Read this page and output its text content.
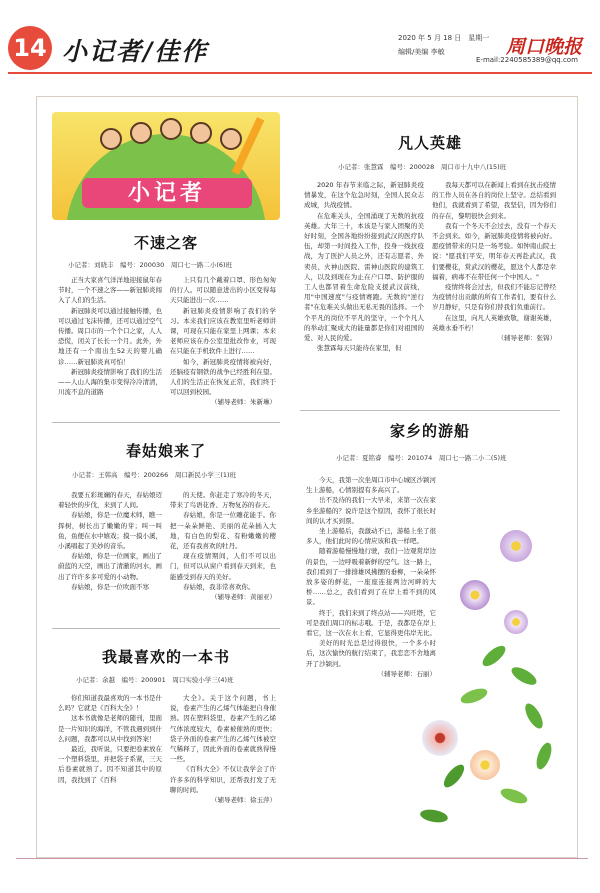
14 小记者/佳作	2020 年 5 月 18 日　星期一
编辑/美编 李敏	周口晚报
E-mail:2240585389@qq.com
小记者
不速之客
小记者：刘晓丰　编号：200030　周口七一路二小(6)班

正当大家喜气洋洋地迎接鼠年春节时，一个不速之客——新冠肺炎闯入了人们的生活。

新冠肺炎可以通过接触传播，也可以通过飞沫传播，还可以通过空气传播。周口市的一个个口之家，人人恐慌，闭关了长长一个月。此外，外地还有一个南出生52天的婴儿确诊……新冠肺炎真可怕！

新冠肺炎疫情影响了我们的生活——人山人海的集市变得冷冷清清，川流不息的道路

上只有几个戴着口罩、形色匆匆的行人。可以随意进出的小区变得每天只能进出一次……

新冠肺炎疫情影响了我们的学习。本来我们应该在教室里听老师讲课，可现在只能在家里上网课；本来老师应该在办公室里批改作业，可现在只能在手机软件上进行……

如今，新冠肺炎疫情将被向好，还脑疫有钢铁的战争已经胜利在望。人们的生活正在恢复正常，我们终于可以回到校园。

（辅导老师：朱新琳）

春姑娘来了
小记者：王韩高　编号：200266　周口新民小学三(1)班

我要五彩斑斓的春天，春姑娘迈着轻快的步伐，来到了人间。

春姑娘，你是一位魔术师，瞧一挥树，树长出了嫩嫩的芽；叫一叫鱼，鱼便在水中嬉戏；摸一摸小溪，小溪唱起了美妙的音乐。

春姑娘，你是一位画家，画出了蔚蓝的天空，画出了清澈的河水，画出了许许多多可爱的小动物。

春姑娘，你是一位吹面不寒

的天使。你赶走了寒冷的冬天，带来了鸟语花香、万物复苏的春天。

春姑娘，你是一位雕花能手。你把一朵朵鲜艳、美丽的花朵插入大地，有白色的梨花、有粉嫩嫩的樱花，还有我喜欢的牡丹。

现在疫情期间，人们不可以出门，但可以从窗户看到春天到来，也能感受到春天的美好。

春姑娘，我非常喜欢你。

（辅导老师：黄丽亚）

我最喜欢的一本书
小记者：余越　编号：200901　周口实验小学三(4)班

你们知道我最喜欢的一本书是什么吗？它就是《百科大全》！

这本书就像是老师的随刊，里面是一片知识的海洋，不管我遇到到什么问题，我都可以从中找到答案！

最近，我听说，只要把卷素放在一个塑料袋里，并把袋子系紧，三天后卷素就熟了。因不知道其中的原因，我找到了《百科

大全》。关于这个问题，书上说，卷素产生的乙烯气体能把自身催熟。因在塑料袋里，卷素产生的乙烯气体浓度较大，卷素被催熟的更快；袋子外面的卷素产生的乙烯气体被空气稀释了，因此外面的卷素就熟得慢一些。

《百科大全》不仅让我学会了许许多多的科学知识，还帮我打发了无聊的时间。

（辅导老师：徐玉萍）

凡人英雄
小记者：张慧霖　编号：200028　周口市十九中八(15)班

2020 年春节来临之际，新冠肺炎疫情暴发，在这个危急时刻，全国人民众志成城，共战疫情。

在危难关头，全国涌现了无数的抗疫英雄。大年三十，本该是与家人团聚的美好时刻，全国各地纷纷接到武汉的医疗队伍，却第一时间投入工作，投身一线抗疫战，为了医护人员之外，还有志愿者、外卖员、火神山医院、雷神山医院的建筑工人，以及到现在为止在户口罩、防护服的工人也都冒着生命危险支援武汉前线，用"中国速度"与疫情赛跑。无数的"逆行者"在危难关头做出无私无畏的选择。一个个平凡的岗位不平凡的坚守，一个个凡人的举动汇聚成大的能量都是你们对祖国的爱、对人民的爱。

张慧霖每天只能待在家里，但

我每天都可以在新闻上看到在抗击疫情的工作人员在各自的岗位上坚守。总结看到他们，我就看到了希望，我坚信，因为你们的存在，黎明很快会到来。

我有一个冬天不会过去，没有一个春天不会到来。如今，新冠肺炎疫情将被向好。愿疫情带来的只是一场考验。如钟南山院士说："愿我们平安，明年春天再赴武汉，我们要樱花，赏武汉的樱花，愿这个人都是幸福着，病毒不在带任何一个中国人。"

疫情终将会过去，但我们不能忘记曾经为疫情付出贡献的所有工作者们，要有什么岁月静好，只是有你们替我们负重前行。

在这里，向凡人英雄致敬，谢谢英雄，英雄永垂不朽！

（辅导老师：张锦）

家乡的游船
小记者：夏铭睿　编号：201074　周口七一路二小二(5)班

今天，我第一次坐周口市中心城区沙颍河生上游船，心情别提有多高兴了。

岳不及待的我们一大早来，来第一次在家乡坐游船的？说许是这个原因，我怀了很长时间的认才买到票。

坐上游船后，我激动不已，游船上坐了很多人，他们此时的心情应该和我一样吧。

随着游船慢慢地行驶，我们一边观赏岸边的景色，一边呼吸着新鲜的空气。这一路上，我们看到了一排排雄风拂摆的垂柳，一朵朵怀放多姿的鲜花，一座座连接两边河畔的大桥……总之，我们看到了在岸上看不到的风景。

终于，我们来到了终点站——兴旺塔，它可是我们周口的标志哦。于是，我都是在岸上看它，这一次在水上看，它显得更伟岸无比。

美好的时光总是过得很快，一个多小时后，这次愉快的航行结束了，我恋恋不舍地离开了沙颍河。

（辅导老师：石丽）
